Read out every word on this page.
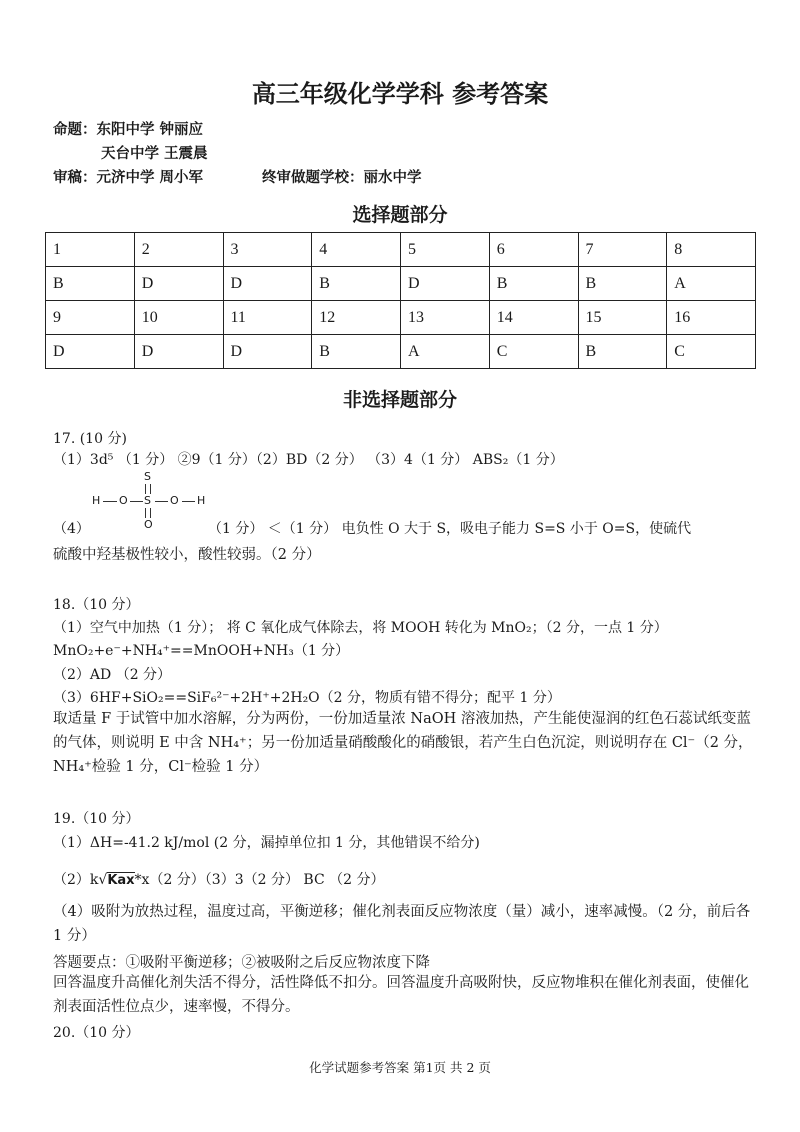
高三年级化学学科 参考答案
命题：东阳中学 钟丽应
天台中学 王震晨
审稿：元济中学 周小军	终审做题学校：丽水中学
选择题部分
1	2	3	4	5	6	7	8
B	D	D	B	D	B	B	A
9	10	11	12	13	14	15	16
D	D	D	B	A	C	B	C
非选择题部分
17. (10 分)
（1）3d⁵ （1 分） ②9（1 分）（2）BD（2 分） （3）4（1 分） ABS₂（1 分）
S
H O S O H
O
（4）	（1 分） ＜（1 分） 电负性 O 大于 S，吸电子能力 S=S 小于 O=S，使硫代
硫酸中羟基极性较小，酸性较弱。（2 分）
18.（10 分）
（1）空气中加热（1 分）； 将 C 氧化成气体除去，将 MOOH 转化为 MnO₂；（2 分，一点 1 分）
MnO₂+e⁻+NH₄⁺==MnOOH+NH₃（1 分）
（2）AD （2 分）
（3）6HF+SiO₂==SiF₆²⁻+2H⁺+2H₂O（2 分，物质有错不得分；配平 1 分）
取适量 F 于试管中加水溶解，分为两份，一份加适量浓 NaOH 溶液加热，产生能使湿润的红色石蕊试纸变蓝的气体，则说明 E 中含 NH₄⁺；另一份加适量硝酸酸化的硝酸银，若产生白色沉淀，则说明存在 Cl⁻（2 分，NH₄⁺检验 1 分，Cl⁻检验 1 分）
19.（10 分）
（1）ΔH=-41.2 kJ/mol (2 分，漏掉单位扣 1 分，其他错误不给分)
（2）k√Kax*x（2 分）（3）3（2 分） BC （2 分）
（4）吸附为放热过程，温度过高，平衡逆移；催化剂表面反应物浓度（量）减小，速率减慢。（2 分，前后各 1 分）
答题要点：①吸附平衡逆移；②被吸附之后反应物浓度下降
回答温度升高催化剂失活不得分，活性降低不扣分。回答温度升高吸附快，反应物堆积在催化剂表面，使催化剂表面活性位点少，速率慢，不得分。
20.（10 分）
化学试题参考答案 第1页 共 2 页
